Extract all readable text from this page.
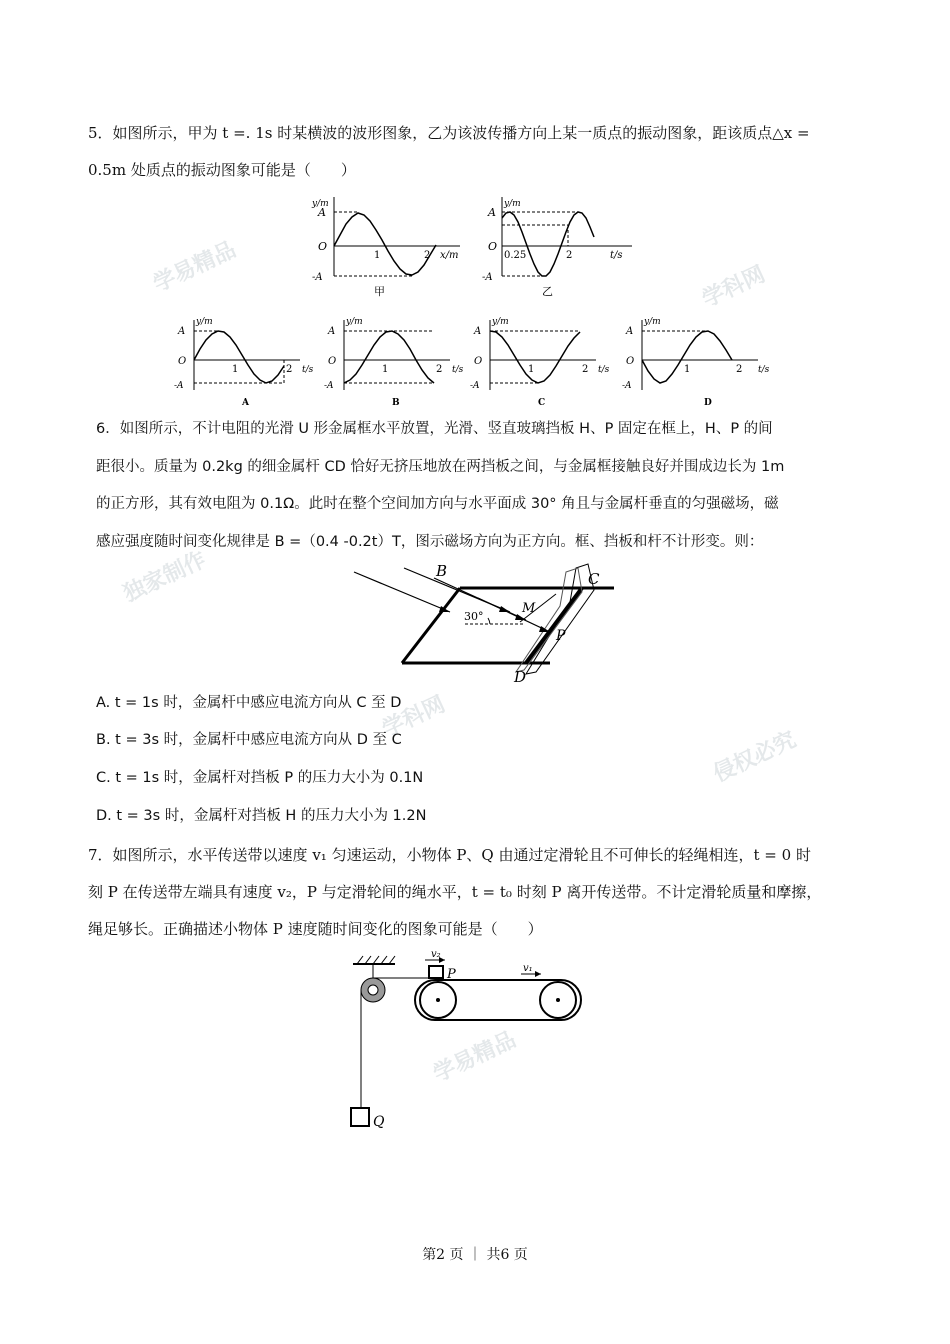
学易精品	学科网
学科网
侵权必究
独家制作
学易精品
5．如图所示，甲为 t =. 1s 时某横波的波形图象，乙为该波传播方向上某一质点的振动图象，距该质点△x =
0.5m 处质点的振动图象可能是（　　）
y/m
A
O
-A
1	2 x/m
甲
y/m
A
O
-A
0.25	2	t/s
乙
y/m
A
O
-A
1	2 t/s
A
y/m
A
O
-A
1	2 t/s
B
y/m
A
O
-A
1	2 t/s
C
y/m
A
O
-A
1	2 t/s
D
6．如图所示，不计电阻的光滑 U 形金属框水平放置，光滑、竖直玻璃挡板 H、P 固定在框上，H、P 的间
距很小。质量为 0.2kg 的细金属杆 CD 恰好无挤压地放在两挡板之间，与金属框接触良好并围成边长为 1m
的正方形，其有效电阻为 0.1Ω。此时在整个空间加方向与水平面成 30° 角且与金属杆垂直的匀强磁场，磁
感应强度随时间变化规律是 B =（0.4 -0.2t）T，图示磁场方向为正方向。框、挡板和杆不计形变。则：
30°
B	C
M
P
D
A. t = 1s 时，金属杆中感应电流方向从 C 至 D
B. t = 3s 时，金属杆中感应电流方向从 D 至 C
C. t = 1s 时，金属杆对挡板 P 的压力大小为 0.1N
D. t = 3s 时，金属杆对挡板 H 的压力大小为 1.2N
7．如图所示，水平传送带以速度 v₁ 匀速运动，小物体 P、Q 由通过定滑轮且不可伸长的轻绳相连，t = 0 时
刻 P 在传送带左端具有速度 v₂，P 与定滑轮间的绳水平，t = t₀ 时刻 P 离开传送带。不计定滑轮质量和摩擦，
绳足够长。正确描述小物体 P 速度随时间变化的图象可能是（　　）
Q
P
v₂
v₁
第2 页 ｜ 共6 页
